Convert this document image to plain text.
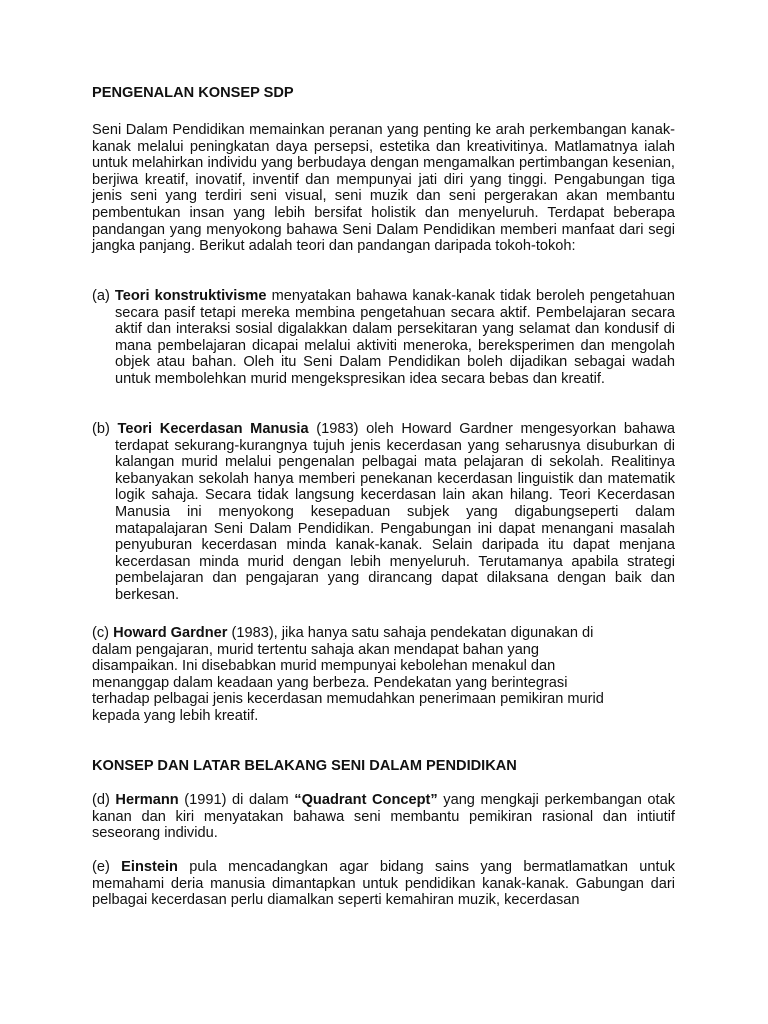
PENGENALAN KONSEP SDP

Seni Dalam Pendidikan memainkan peranan yang penting ke arah perkembangan kanak- kanak melalui peningkatan daya persepsi, estetika dan kreativitinya. Matlamatnya ialah untuk melahirkan individu yang berbudaya dengan mengamalkan pertimbangan kesenian, berjiwa kreatif, inovatif, inventif dan mempunyai jati diri yang tinggi. Pengabungan tiga jenis seni yang terdiri seni visual, seni muzik dan seni pergerakan akan membantu pembentukan insan yang lebih bersifat holistik dan menyeluruh. Terdapat beberapa pandangan yang menyokong bahawa Seni Dalam Pendidikan memberi manfaat dari segi jangka panjang. Berikut adalah teori dan pandangan daripada tokoh-tokoh:

(a) Teori konstruktivisme menyatakan bahawa kanak-kanak tidak beroleh pengetahuan secara pasif tetapi mereka membina pengetahuan secara aktif. Pembelajaran secara aktif dan interaksi sosial digalakkan dalam persekitaran yang selamat dan kondusif di mana pembelajaran dicapai melalui aktiviti meneroka, bereksperimen dan mengolah objek atau bahan. Oleh itu Seni Dalam Pendidikan boleh dijadikan sebagai wadah untuk membolehkan murid mengekspresikan idea secara bebas dan kreatif.

(b) Teori Kecerdasan Manusia (1983) oleh Howard Gardner mengesyorkan bahawa terdapat sekurang-kurangnya tujuh jenis kecerdasan yang seharusnya disuburkan di kalangan murid melalui pengenalan pelbagai mata pelajaran di sekolah. Realitinya kebanyakan sekolah hanya memberi penekanan kecerdasan linguistik dan matematik logik sahaja. Secara tidak langsung kecerdasan lain akan hilang. Teori Kecerdasan Manusia ini menyokong kesepaduan subjek yang digabungseperti dalam matapalajaran Seni Dalam Pendidikan. Pengabungan ini dapat menangani masalah penyuburan kecerdasan minda kanak-kanak. Selain daripada itu dapat menjana kecerdasan minda murid dengan lebih menyeluruh. Terutamanya apabila strategi pembelajaran dan pengajaran yang dirancang dapat dilaksana dengan baik dan berkesan.

(c) Howard Gardner (1983), jika hanya satu sahaja pendekatan digunakan di dalam pengajaran, murid tertentu sahaja akan mendapat bahan yang disampaikan. Ini disebabkan murid mempunyai kebolehan menakul dan menanggap dalam keadaan yang berbeza. Pendekatan yang berintegrasi terhadap pelbagai jenis kecerdasan memudahkan penerimaan pemikiran murid kepada yang lebih kreatif.

KONSEP DAN LATAR BELAKANG SENI DALAM PENDIDIKAN

(d) Hermann (1991) di dalam “Quadrant Concept” yang mengkaji perkembangan otak kanan dan kiri menyatakan bahawa seni membantu pemikiran rasional dan intiutif seseorang individu.

(e) Einstein pula mencadangkan agar bidang sains yang bermatlamatkan untuk memahami deria manusia dimantapkan untuk pendidikan kanak-kanak. Gabungan dari pelbagai kecerdasan perlu diamalkan seperti kemahiran muzik, kecerdasan
